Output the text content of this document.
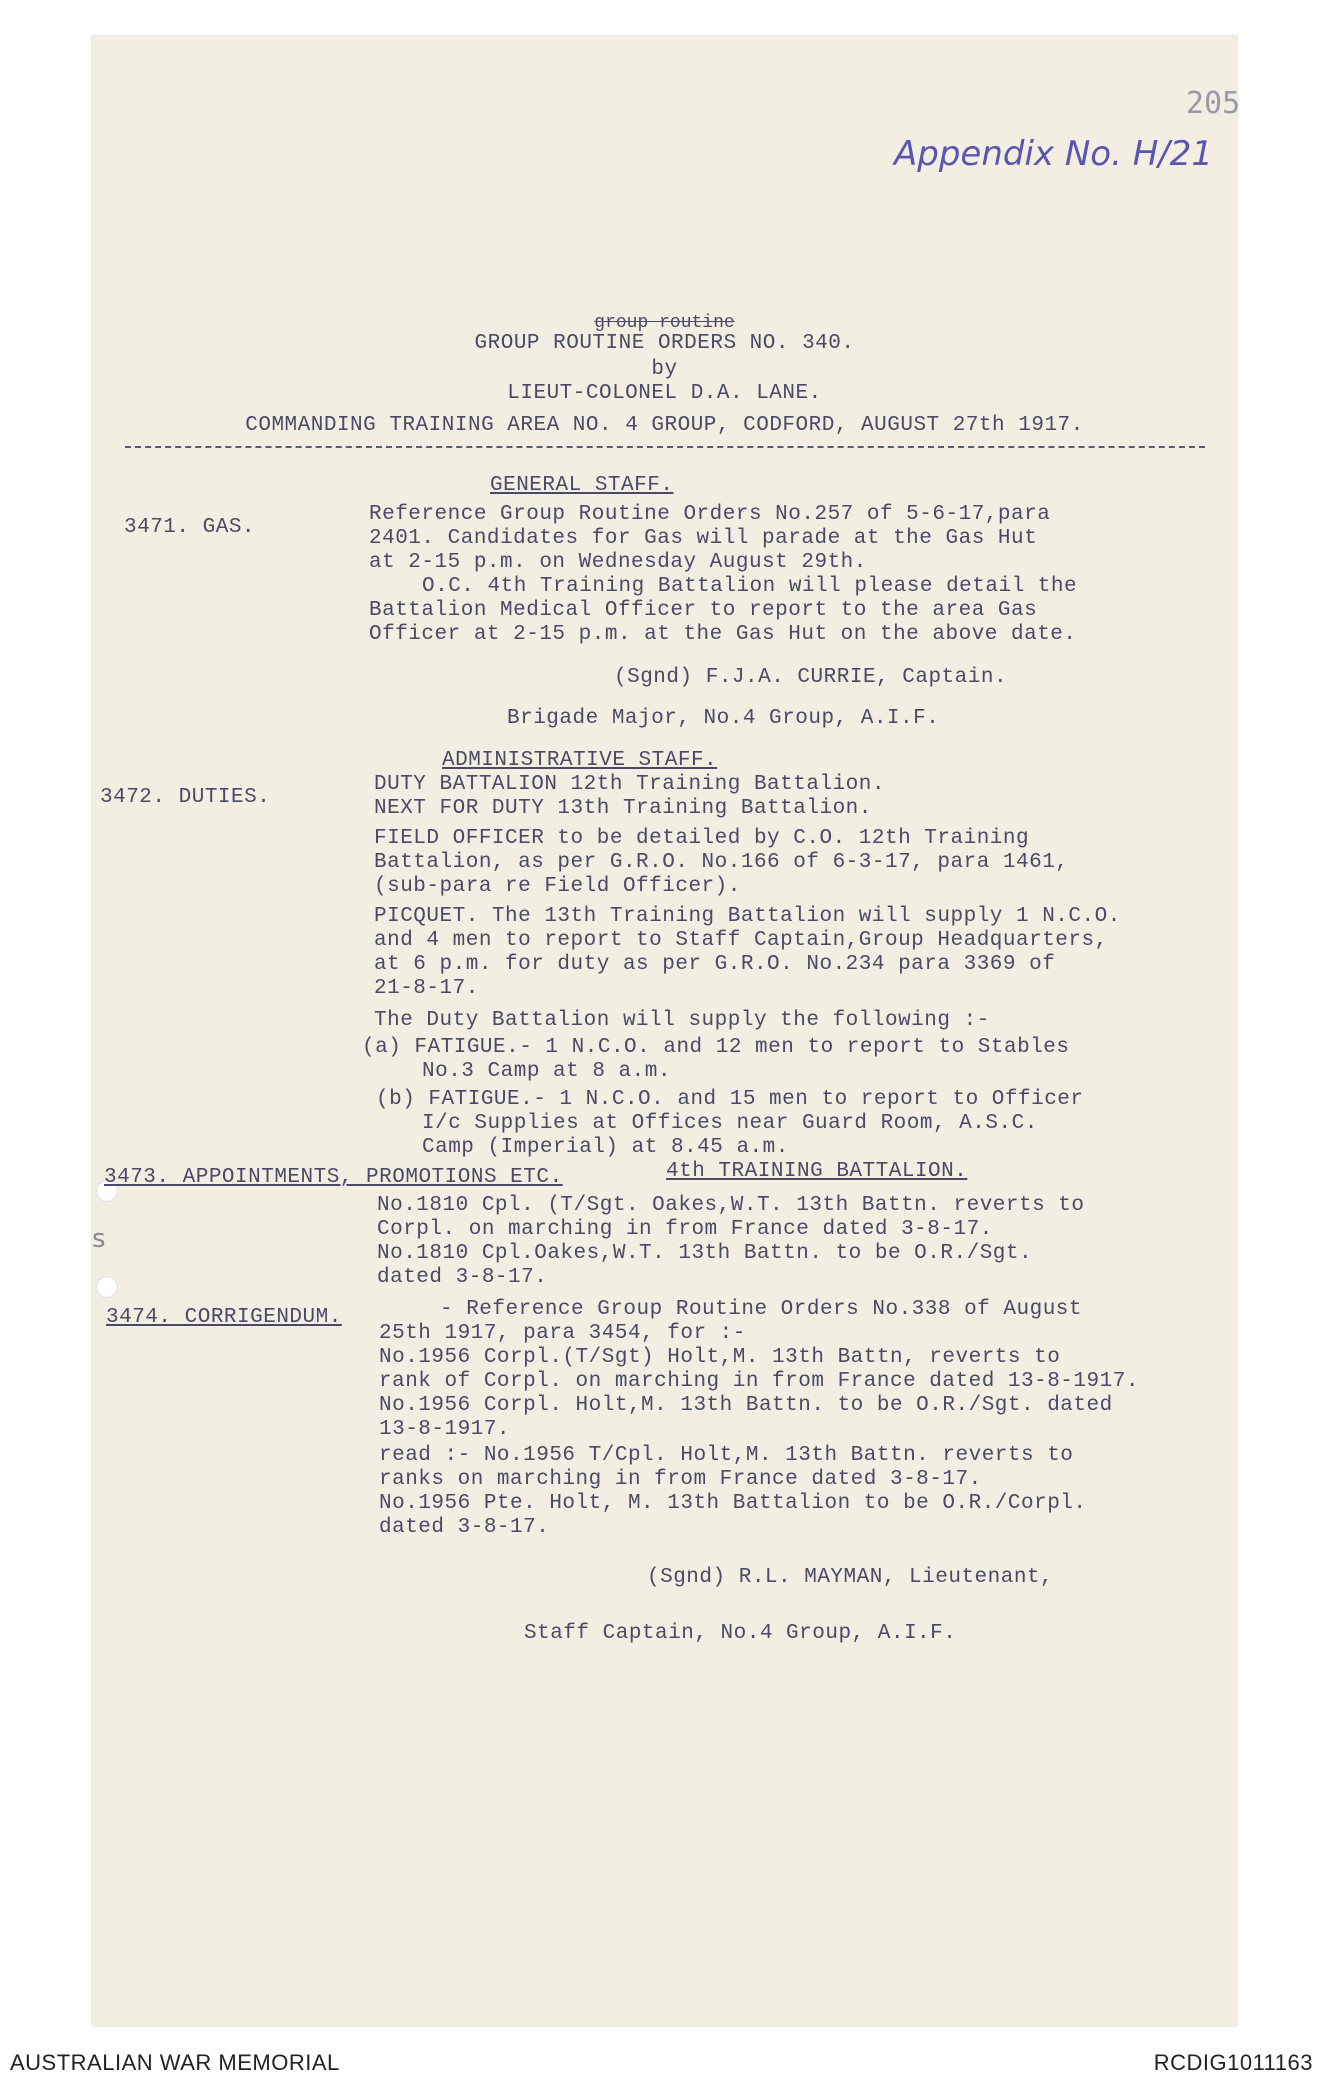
205
Appendix No. H/21
group routine
GROUP ROUTINE ORDERS NO. 340.
by
LIEUT-COLONEL D.A. LANE.
COMMANDING TRAINING AREA NO. 4 GROUP, CODFORD, AUGUST 27th 1917.
GENERAL STAFF.
3471. GAS.
Reference Group Routine Orders No.257 of 5-6-17,para
2401. Candidates for Gas will parade at the Gas Hut
at 2-15 p.m. on Wednesday August 29th.
O.C. 4th Training Battalion will please detail the
Battalion Medical Officer to report to the area Gas
Officer at 2-15 p.m. at the Gas Hut on the above date.
(Sgnd) F.J.A. CURRIE, Captain.
Brigade Major, No.4 Group, A.I.F.
ADMINISTRATIVE STAFF.
3472. DUTIES.
DUTY BATTALION 12th Training Battalion.
NEXT FOR DUTY 13th Training Battalion.
FIELD OFFICER to be detailed by C.O. 12th Training
Battalion, as per G.R.O. No.166 of 6-3-17, para 1461,
(sub-para re Field Officer).
PICQUET. The 13th Training Battalion will supply 1 N.C.O.
and 4 men to report to Staff Captain,Group Headquarters,
at 6 p.m. for duty as per G.R.O. No.234 para 3369 of
21-8-17.
The Duty Battalion will supply the following :-
(a) FATIGUE.- 1 N.C.O. and 12 men to report to Stables
No.3 Camp at 8 a.m.
(b) FATIGUE.- 1 N.C.O. and 15 men to report to Officer
I/c Supplies at Offices near Guard Room, A.S.C.
Camp (Imperial) at 8.45 a.m.
3473. APPOINTMENTS, PROMOTIONS ETC.	4th TRAINING BATTALION.
No.1810 Cpl. (T/Sgt. Oakes,W.T. 13th Battn. reverts to
Corpl. on marching in from France dated 3-8-17.
No.1810 Cpl.Oakes,W.T. 13th Battn. to be O.R./Sgt.
dated 3-8-17.
3474. CORRIGENDUM.	- Reference Group Routine Orders No.338 of August
25th 1917, para 3454, for :-
No.1956 Corpl.(T/Sgt) Holt,M. 13th Battn, reverts to
rank of Corpl. on marching in from France dated 13-8-1917.
No.1956 Corpl. Holt,M. 13th Battn. to be O.R./Sgt. dated
13-8-1917.
read :- No.1956 T/Cpl. Holt,M. 13th Battn. reverts to
ranks on marching in from France dated 3-8-17.
No.1956 Pte. Holt, M. 13th Battalion to be O.R./Corpl.
dated 3-8-17.
(Sgnd) R.L. MAYMAN, Lieutenant,
Staff Captain, No.4 Group, A.I.F.
s
AUSTRALIAN WAR MEMORIAL	RCDIG1011163
